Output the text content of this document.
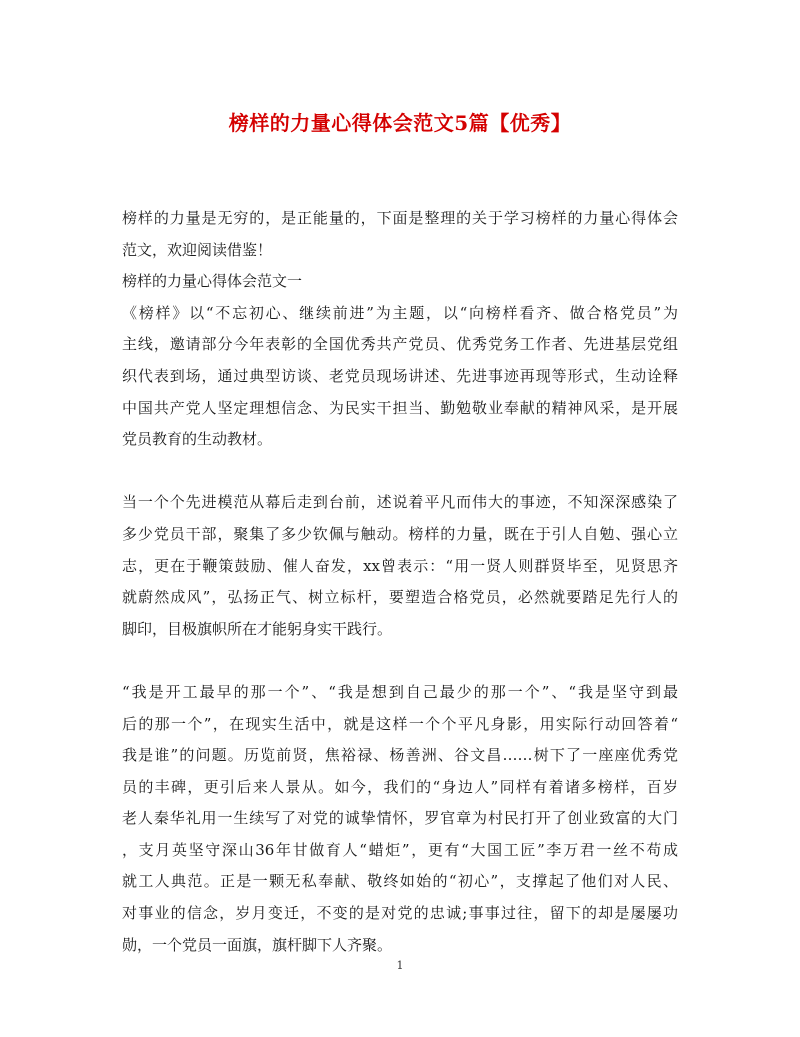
榜样的力量心得体会范文5篇【优秀】
榜样的力量是无穷的，是正能量的，下面是整理的关于学习榜样的力量心得体会
范文，欢迎阅读借鉴！
榜样的力量心得体会范文一
《榜样》以“不忘初心、继续前进”为主题，以“向榜样看齐、做合格党员”为
主线，邀请部分今年表彰的全国优秀共产党员、优秀党务工作者、先进基层党组
织代表到场，通过典型访谈、老党员现场讲述、先进事迹再现等形式，生动诠释
中国共产党人坚定理想信念、为民实干担当、勤勉敬业奉献的精神风采，是开展
党员教育的生动教材。
当一个个先进模范从幕后走到台前，述说着平凡而伟大的事迹，不知深深感染了
多少党员干部，聚集了多少钦佩与触动。榜样的力量，既在于引人自勉、强心立
志，更在于鞭策鼓励、催人奋发，xx曾表示：“用一贤人则群贤毕至，见贤思齐
就蔚然成风”，弘扬正气、树立标杆，要塑造合格党员，必然就要踏足先行人的
脚印，目极旗帜所在才能躬身实干践行。
“我是开工最早的那一个”、“我是想到自己最少的那一个”、“我是坚守到最
后的那一个”，在现实生活中，就是这样一个个平凡身影，用实际行动回答着“
我是谁”的问题。历览前贤，焦裕禄、杨善洲、谷文昌……树下了一座座优秀党
员的丰碑，更引后来人景从。如今，我们的“身边人”同样有着诸多榜样，百岁
老人秦华礼用一生续写了对党的诚挚情怀，罗官章为村民打开了创业致富的大门
，支月英坚守深山36年甘做育人“蜡炬”，更有“大国工匠”李万君一丝不苟成
就工人典范。正是一颗无私奉献、敬终如始的“初心”，支撑起了他们对人民、
对事业的信念，岁月变迁，不变的是对党的忠诚;事事过往，留下的却是屡屡功
勋，一个党员一面旗，旗杆脚下人齐聚。
1
